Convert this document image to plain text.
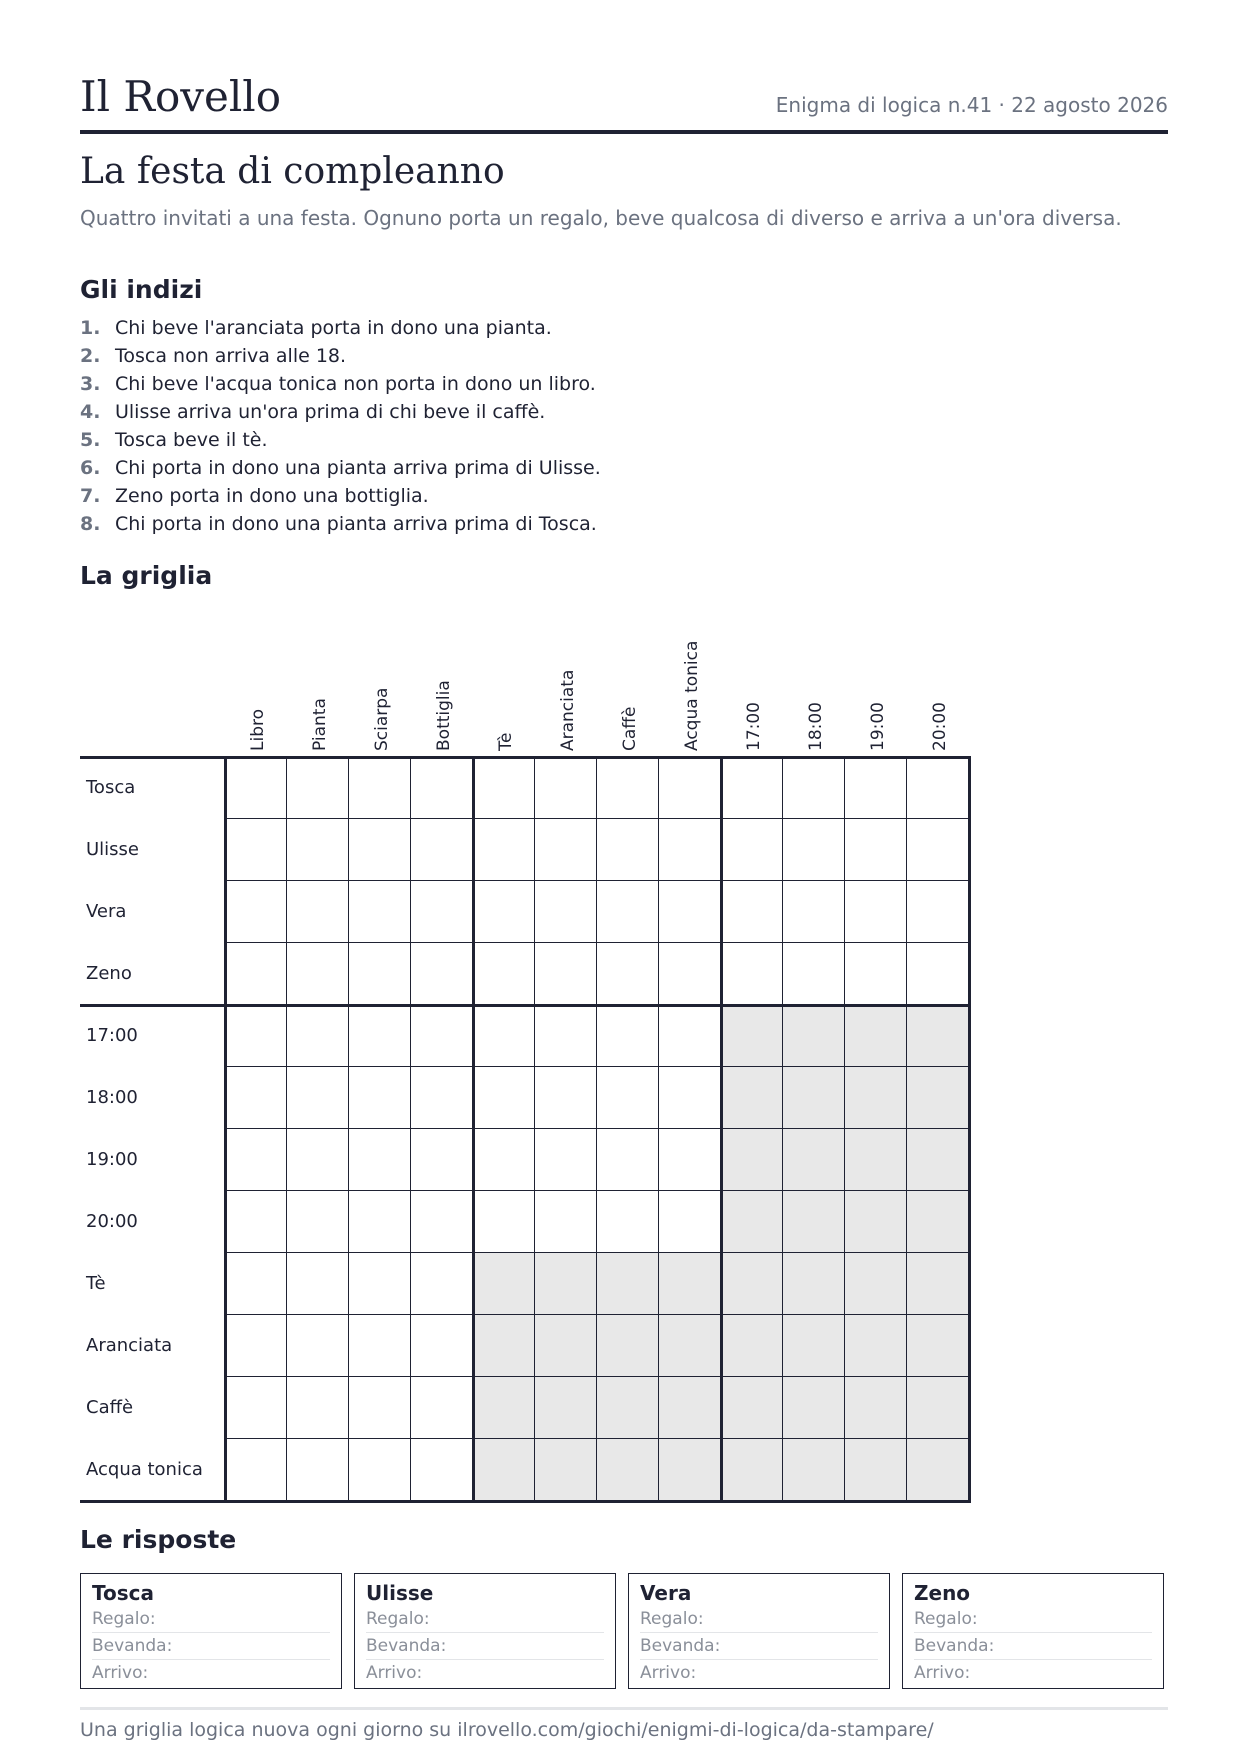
Il Rovello	Enigma di logica n.41 · 22 agosto 2026
La festa di compleanno
Quattro invitati a una festa. Ognuno porta un regalo, beve qualcosa di diverso e arriva a un'ora diversa.
Gli indizi
1. Chi beve l'aranciata porta in dono una pianta.
2. Tosca non arriva alle 18.
3. Chi beve l'acqua tonica non porta in dono un libro.
4. Ulisse arriva un'ora prima di chi beve il caffè.
5. Tosca beve il tè.
6. Chi porta in dono una pianta arriva prima di Ulisse.
7. Zeno porta in dono una bottiglia.
8. Chi porta in dono una pianta arriva prima di Tosca.
La griglia
Libro Pianta Sciarpa Bottiglia Tè Aranciata Caffè Acqua tonica 17:00 18:00 19:00 20:00
Tosca
Ulisse
Vera
Zeno
17:00
18:00
19:00
20:00
Tè
Aranciata
Caffè
Acqua tonica
Le risposte
Tosca
Regalo:
Bevanda:
Arrivo:
Ulisse
Regalo:
Bevanda:
Arrivo:
Vera
Regalo:
Bevanda:
Arrivo:
Zeno
Regalo:
Bevanda:
Arrivo:
Una griglia logica nuova ogni giorno su ilrovello.com/giochi/enigmi-di-logica/da-stampare/
